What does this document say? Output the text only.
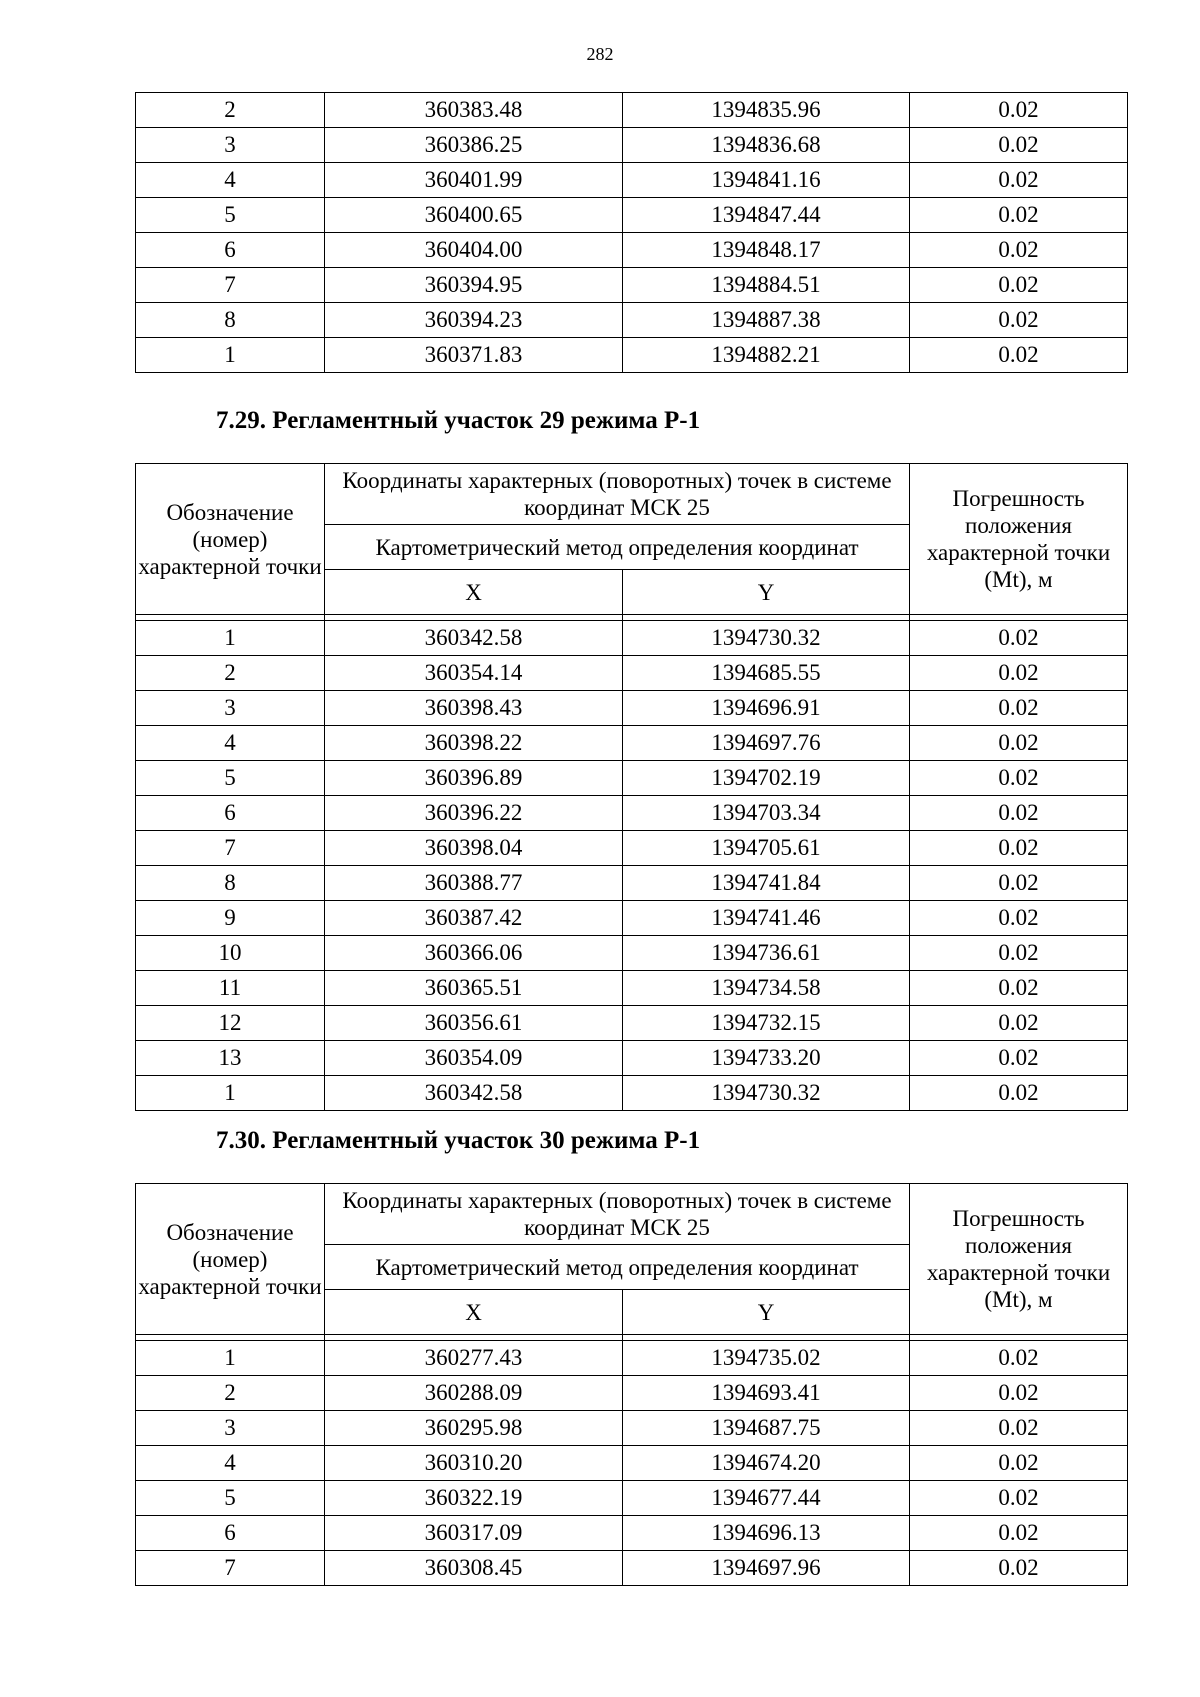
282
2	360383.48	1394835.96	0.02
3	360386.25	1394836.68	0.02
4	360401.99	1394841.16	0.02
5	360400.65	1394847.44	0.02
6	360404.00	1394848.17	0.02
7	360394.95	1394884.51	0.02
8	360394.23	1394887.38	0.02
1	360371.83	1394882.21	0.02
7.29. Регламентный участок 29 режима Р-1
Обозначение (номер) характерной точки	Координаты характерных (поворотных) точек в системе координат МСК 25		Погрешность положения характерной точки (Mt), м
	Картометрический метод определения координат		
	X	Y	

1	360342.58	1394730.32	0.02
2	360354.14	1394685.55	0.02
3	360398.43	1394696.91	0.02
4	360398.22	1394697.76	0.02
5	360396.89	1394702.19	0.02
6	360396.22	1394703.34	0.02
7	360398.04	1394705.61	0.02
8	360388.77	1394741.84	0.02
9	360387.42	1394741.46	0.02
10	360366.06	1394736.61	0.02
11	360365.51	1394734.58	0.02
12	360356.61	1394732.15	0.02
13	360354.09	1394733.20	0.02
1	360342.58	1394730.32	0.02
7.30. Регламентный участок 30 режима Р-1
Обозначение (номер) характерной точки	Координаты характерных (поворотных) точек в системе координат МСК 25		Погрешность положения характерной точки (Mt), м
	Картометрический метод определения координат		
	X	Y	

1	360277.43	1394735.02	0.02
2	360288.09	1394693.41	0.02
3	360295.98	1394687.75	0.02
4	360310.20	1394674.20	0.02
5	360322.19	1394677.44	0.02
6	360317.09	1394696.13	0.02
7	360308.45	1394697.96	0.02
